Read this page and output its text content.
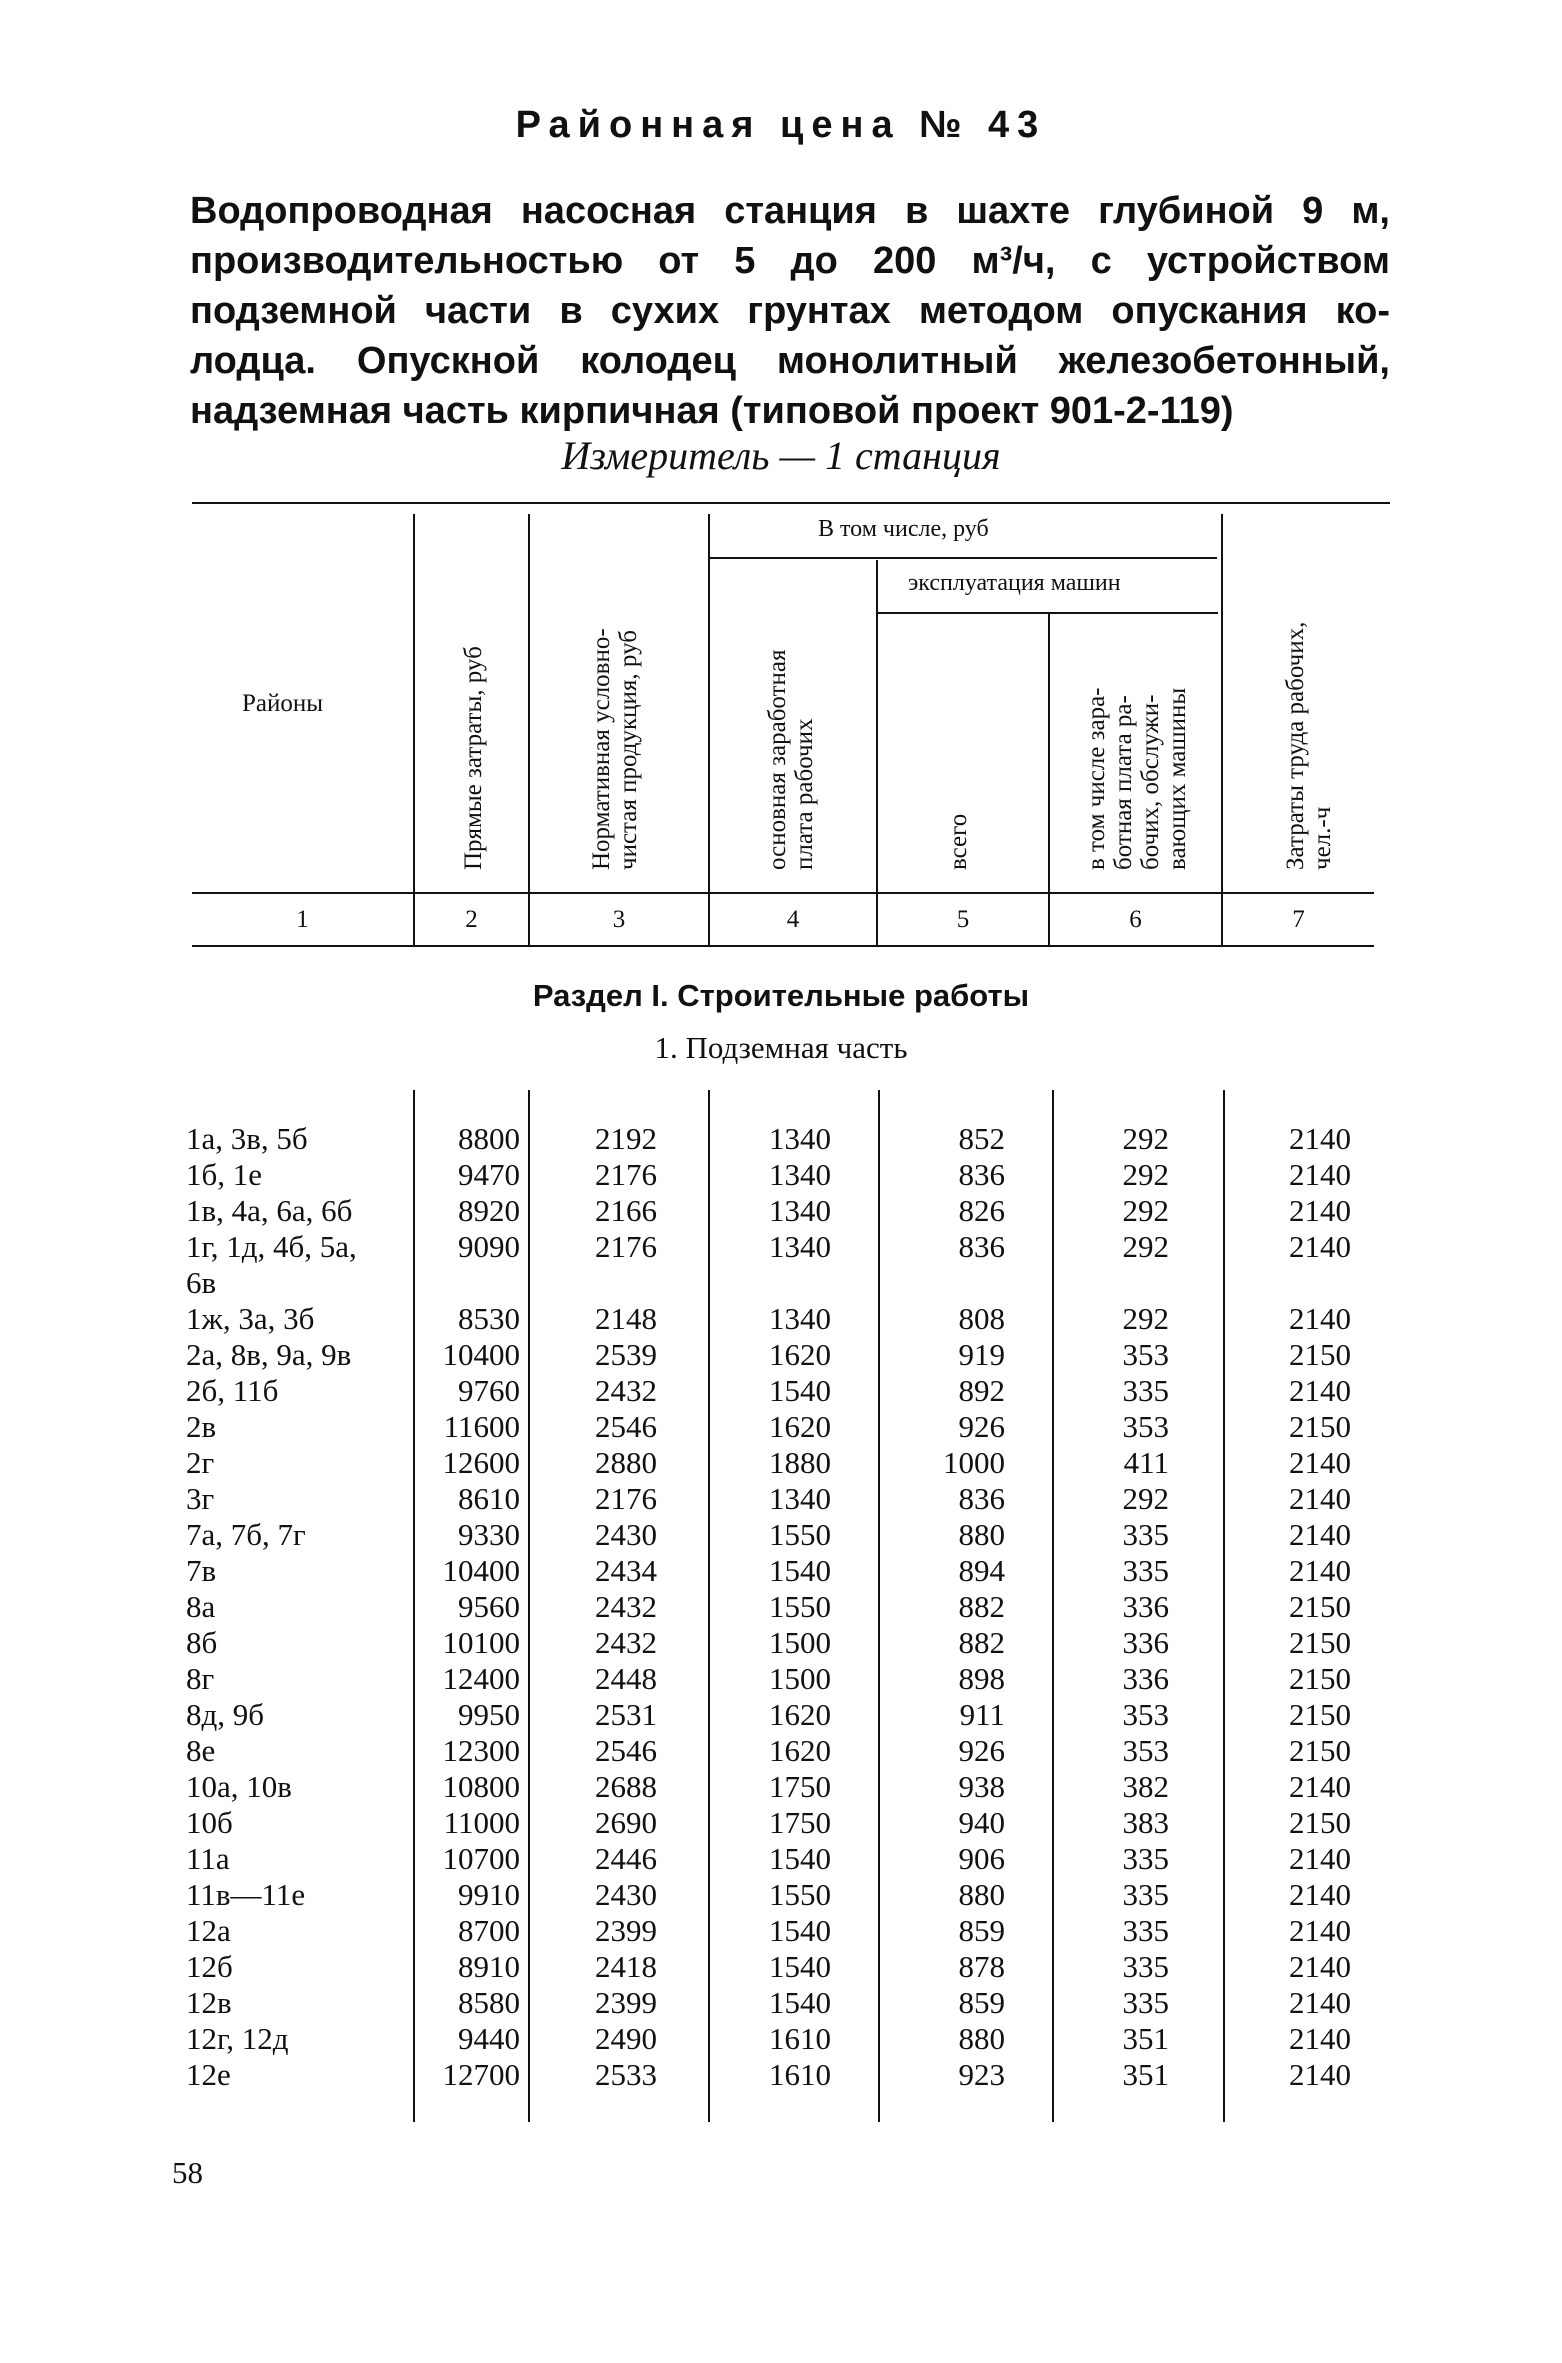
Районная цена № 43
Водопроводная насосная станция в шахте глубиной 9 м,
производительностью от 5 до 200 м³/ч, с устройством
подземной части в сухих грунтах методом опускания ко-
лодца. Опускной колодец монолитный железобетонный,
надземная часть кирпичная (типовой проект 901-2-119)
Измеритель — 1 станция
Районы
В том числе, руб
эксплуатация машин
Прямые затраты, руб	Нормативная условно- чистая продукция, руб	основная заработная плата рабочих	всего	в том числе зара- ботная плата ра- бочих, обслужи- вающих машины	Затраты труда рабочих, чел.-ч
1	2	3	4	5	6	7
Раздел I. Строительные работы
1. Подземная часть
1а, 3в, 5б	8800 2192	1340	852	292	2140
1б, 1е	9470 2176	1340	836	292	2140
1в, 4а, 6а, 6б	8920 2166	1340	826	292	2140
1г, 1д, 4б, 5а,	9090 2176	1340	836	292	2140
6в
1ж, 3а, 3б	8530 2148	1340	808	292	2140
2а, 8в, 9а, 9в	10400 2539	1620	919	353	2150
2б, 11б	9760 2432	1540	892	335	2140
2в	11600 2546	1620	926	353	2150
2г	12600 2880	1880	1000	411	2140
3г	8610 2176	1340	836	292	2140
7а, 7б, 7г	9330 2430	1550	880	335	2140
7в	10400 2434	1540	894	335	2140
8а	9560 2432	1550	882	336	2150
8б	10100 2432	1500	882	336	2150
8г	12400 2448	1500	898	336	2150
8д, 9б	9950 2531	1620	911	353	2150
8е	12300 2546	1620	926	353	2150
10а, 10в	10800 2688	1750	938	382	2140
10б	11000 2690	1750	940	383	2150
11а	10700 2446	1540	906	335	2140
11в—11е	9910 2430	1550	880	335	2140
12а	8700 2399	1540	859	335	2140
12б	8910 2418	1540	878	335	2140
12в	8580 2399	1540	859	335	2140
12г, 12д	9440 2490	1610	880	351	2140
12е	12700 2533	1610	923	351	2140
58
